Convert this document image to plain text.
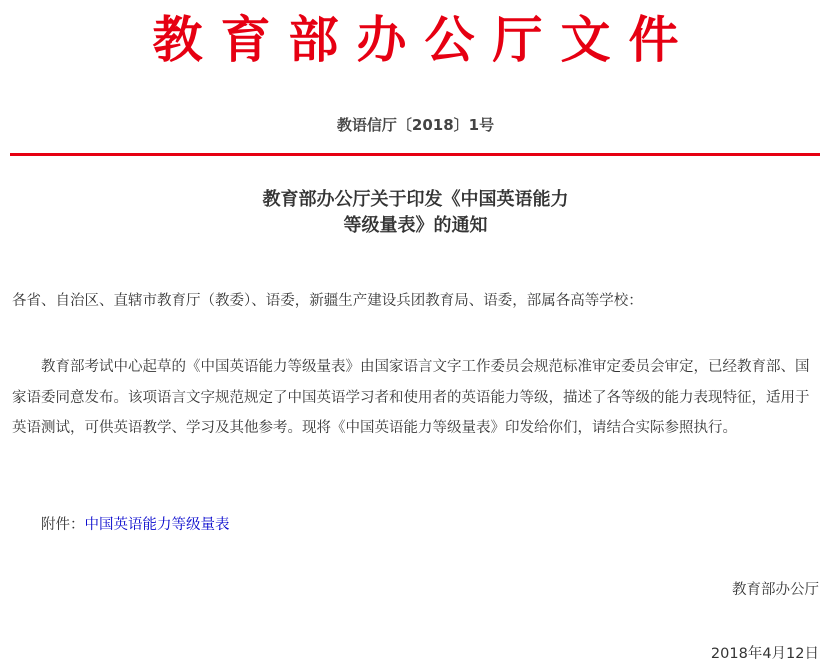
教育部办公厅文件
教语信厅〔2018〕1号
教育部办公厅关于印发《中国英语能力
等级量表》的通知
各省、自治区、直辖市教育厅（教委）、语委，新疆生产建设兵团教育局、语委，部属各高等学校：
教育部考试中心起草的《中国英语能力等级量表》由国家语言文字工作委员会规范标准审定委员会审定，已经教育部、国家语委同意发布。该项语言文字规范规定了中国英语学习者和使用者的英语能力等级，描述了各等级的能力表现特征，适用于英语测试，可供英语教学、学习及其他参考。现将《中国英语能力等级量表》印发给你们，请结合实际参照执行。
附件：中国英语能力等级量表
教育部办公厅
2018年4月12日
